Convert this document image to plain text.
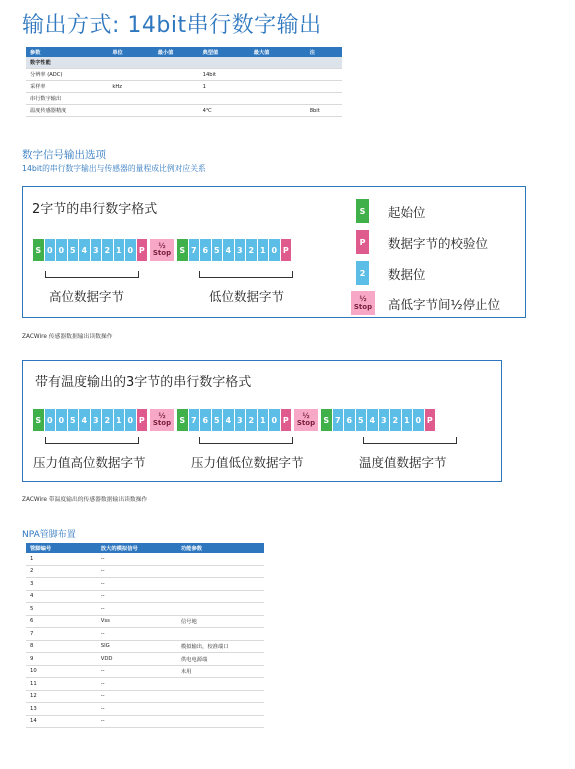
输出方式: 14bit串行数字输出
参数	单位	最小值	典型值	最大值	注
数字性能					
分辨率 (ADC)			14bit		
采样率	kHz		1		
串行数字输出					
温度传感器精度			4℃		8bit
数字信号输出选项
14bit的串行数字输出与传感器的量程成比例对应关系
2字节的串行数字格式
S 0 0 5 4 3 2 1 0 P	½
Stop S 7 6 5 4 3 2 1 0 P
高位数据字节	低位数据字节
S 起始位
P 数据字节的校验位
2 数据位
½ Stop 高低字节间½停止位
ZACWire 传感器数据输出读数操作
带有温度输出的3字节的串行数字格式
S 0 0 5 4 3 2 1 0 P	½
Stop S 7 6 5 4 3 2 1 0 P	½
Stop S 7 6 5 4 3 2 1 0 P
压力值高位数据字节	压力值低位数据字节	温度值数据字节
ZACWire 带温度输出的传感器数据输出读数操作
NPA管脚布置
管脚编号	放大的模拟信号	功能参数
1	--	
2	--	
3	--	
4	--	
5	--	
6	Vss	信号地
7	--	
8	SIG	模拟输出，校准端口
9	VDD	供电电源端
10	--	未用
11	--	
12	--	
13	--	
14	--	
